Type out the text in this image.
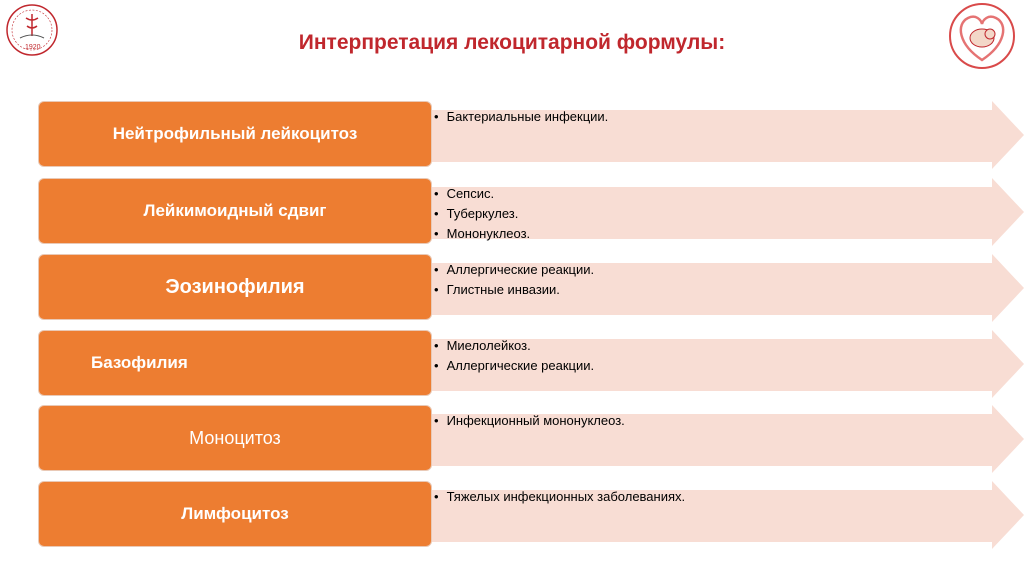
1920	Интерпретация лекоцитарной формулы:
Нейтрофильный лейкоцитоз
• Бактериальные инфекции.
Лейкимоидный сдвиг
• Сепсис.
• Туберкулез.
• Мононуклеоз.
Эозинофилия
• Аллергические реакции.
• Глистные инвазии.
Базофилия
• Миелолейкоз.
• Аллергические реакции.
Моноцитоз
• Инфекционный мононуклеоз.
Лимфоцитоз
• Тяжелых инфекционных заболеваниях.
